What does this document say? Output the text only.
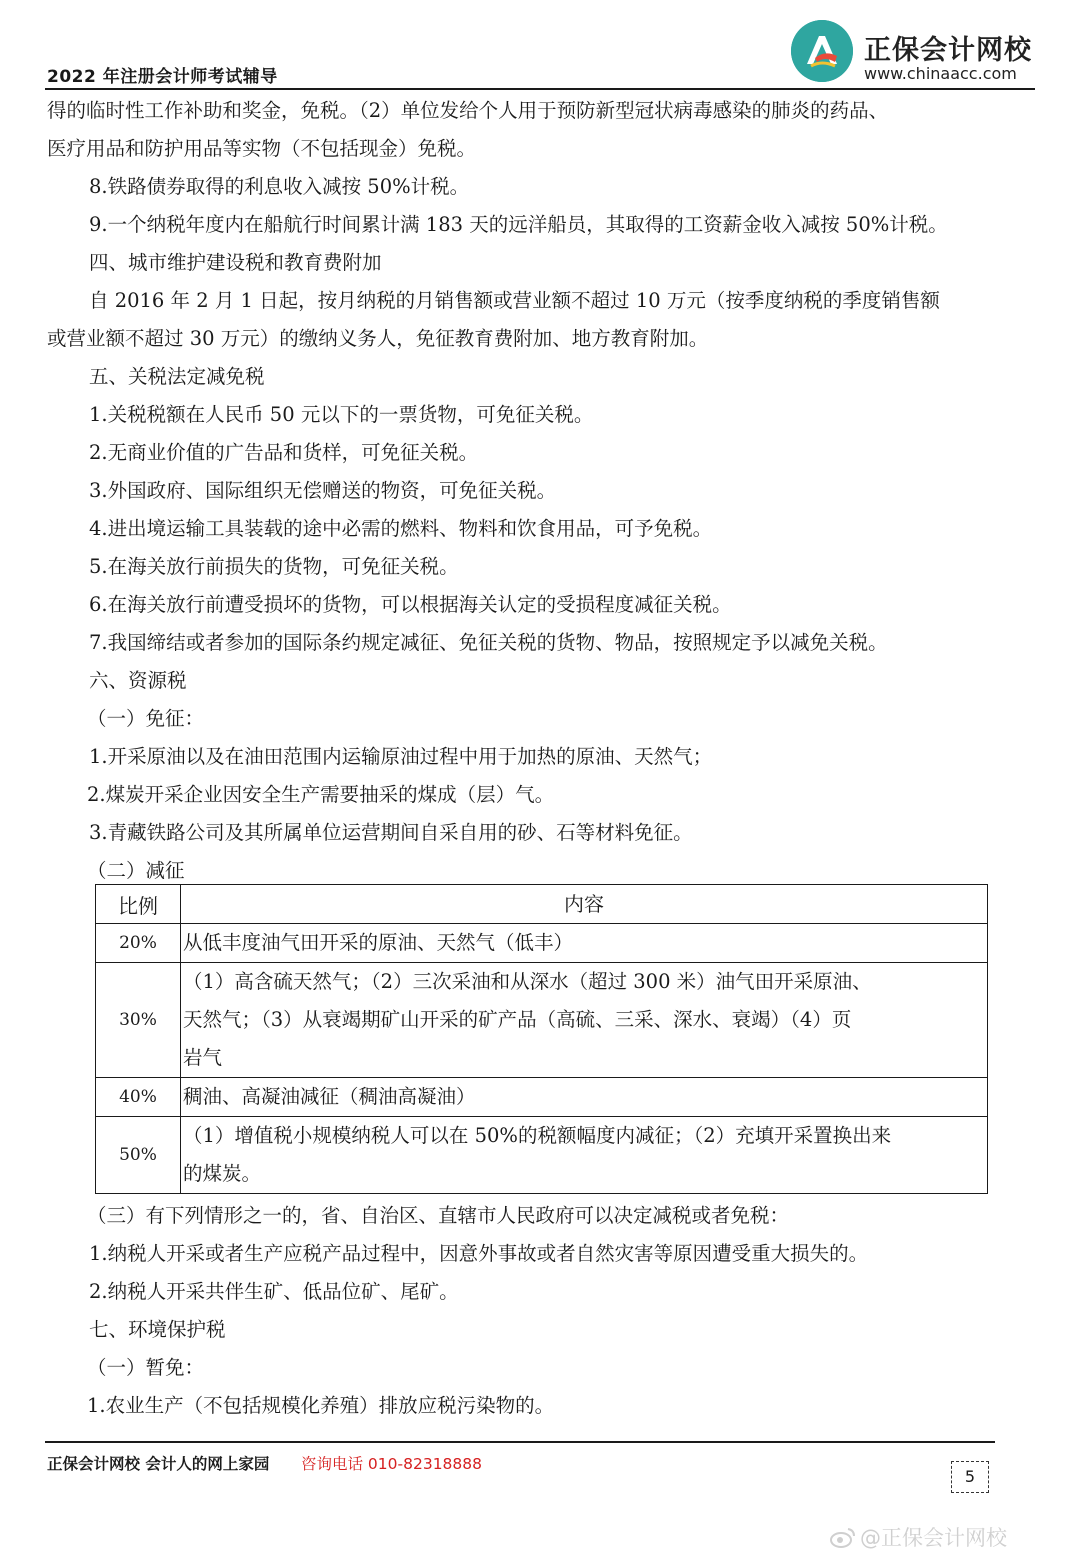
2022 年注册会计师考试辅导
正保会计网校
www.chinaacc.com
得的临时性工作补助和奖金，免税。（2）单位发给个人用于预防新型冠状病毒感染的肺炎的药品、
医疗用品和防护用品等实物（不包括现金）免税。
8.铁路债券取得的利息收入减按 50%计税。
9.一个纳税年度内在船航行时间累计满 183 天的远洋船员，其取得的工资薪金收入减按 50%计税。
四、城市维护建设税和教育费附加
自 2016 年 2 月 1 日起，按月纳税的月销售额或营业额不超过 10 万元（按季度纳税的季度销售额
或营业额不超过 30 万元）的缴纳义务人，免征教育费附加、地方教育附加。
五、关税法定减免税
1.关税税额在人民币 50 元以下的一票货物，可免征关税。
2.无商业价值的广告品和货样，可免征关税。
3.外国政府、国际组织无偿赠送的物资，可免征关税。
4.进出境运输工具装载的途中必需的燃料、物料和饮食用品，可予免税。
5.在海关放行前损失的货物，可免征关税。
6.在海关放行前遭受损坏的货物，可以根据海关认定的受损程度减征关税。
7.我国缔结或者参加的国际条约规定减征、免征关税的货物、物品，按照规定予以减免关税。
六、资源税
（一）免征：
1.开采原油以及在油田范围内运输原油过程中用于加热的原油、天然气；
2.煤炭开采企业因安全生产需要抽采的煤成（层）气。
3.青藏铁路公司及其所属单位运营期间自采自用的砂、石等材料免征。
（二）减征
比例	内容
20%	从低丰度油气田开采的原油、天然气（低丰）

30%	（1）高含硫天然气；（2）三次采油和从深水（超过 300 米）油气田开采原油、
天然气；（3）从衰竭期矿山开采的矿产品（高硫、三采、深水、衰竭）（4）页
岩气

40%	稠油、高凝油减征（稠油高凝油）

50%	（1）增值税小规模纳税人可以在 50%的税额幅度内减征；（2）充填开采置换出来
的煤炭。
（三）有下列情形之一的，省、自治区、直辖市人民政府可以决定减税或者免税：
1.纳税人开采或者生产应税产品过程中，因意外事故或者自然灾害等原因遭受重大损失的。
2.纳税人开采共伴生矿、低品位矿、尾矿。
七、环境保护税
（一）暂免：
1.农业生产（不包括规模化养殖）排放应税污染物的。
正保会计网校 会计人的网上家园 咨询电话 010-82318888
5
@正保会计网校
